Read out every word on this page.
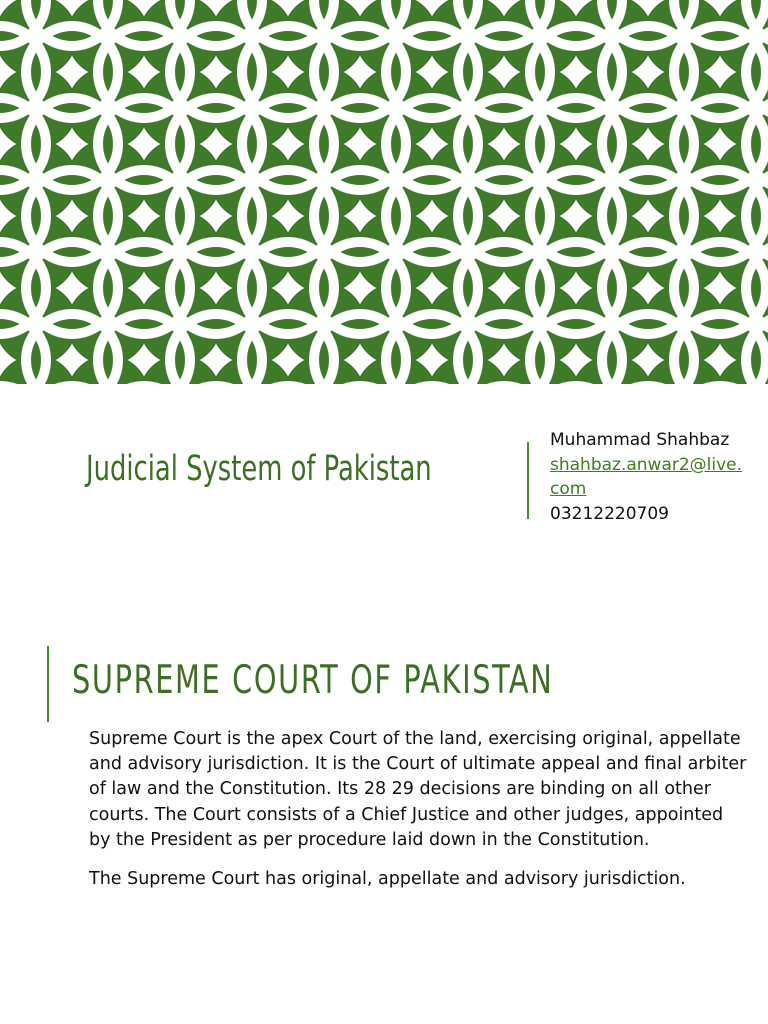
Judicial System of Pakistan
Muhammad Shahbaz
shahbaz.anwar2@live.com
03212220709
SUPREME COURT OF PAKISTAN

Supreme Court is the apex Court of the land, exercising original, appellate and advisory jurisdiction. It is the Court of ultimate appeal and final arbiter of law and the Constitution. Its 28 29 decisions are binding on all other courts. The Court consists of a Chief Justice and other judges, appointed by the President as per procedure laid down in the Constitution.

The Supreme Court has original, appellate and advisory jurisdiction.
